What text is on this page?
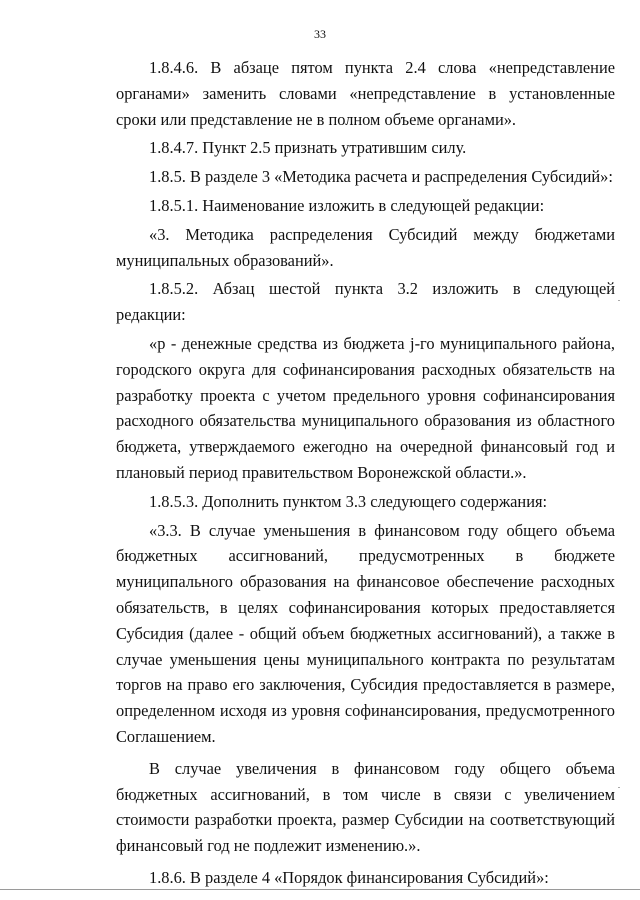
33

1.8.4.6. В абзаце пятом пункта 2.4 слова «непредставление органами» заменить словами «непредставление в установленные сроки или представление не в полном объеме органами».

1.8.4.7. Пункт 2.5 признать утратившим силу.

1.8.5. В разделе 3 «Методика расчета и распределения Субсидий»:

1.8.5.1. Наименование изложить в следующей редакции:

«3. Методика распределения Субсидий между бюджетами муниципальных образований».

1.8.5.2. Абзац шестой пункта 3.2 изложить в следующей редакции:

«p - денежные средства из бюджета j-го муниципального района, городского округа для софинансирования расходных обязательств на разработку проекта с учетом предельного уровня софинансирования расходного обязательства муниципального образования из областного бюджета, утверждаемого ежегодно на очередной финансовый год и плановый период правительством Воронежской области.».

1.8.5.3. Дополнить пунктом 3.3 следующего содержания:

«3.3. В случае уменьшения в финансовом году общего объема бюджетных ассигнований, предусмотренных в бюджете муниципального образования на финансовое обеспечение расходных обязательств, в целях софинансирования которых предоставляется Субсидия (далее - общий объем бюджетных ассигнований), а также в случае уменьшения цены муниципального контракта по результатам торгов на право его заключения, Субсидия предоставляется в размере, определенном исходя из уровня софинансирования, предусмотренного Соглашением.

В случае увеличения в финансовом году общего объема бюджетных ассигнований, в том числе в связи с увеличением стоимости разработки проекта, размер Субсидии на соответствующий финансовый год не подлежит изменению.».

1.8.6. В разделе 4 «Порядок финансирования Субсидий»:
